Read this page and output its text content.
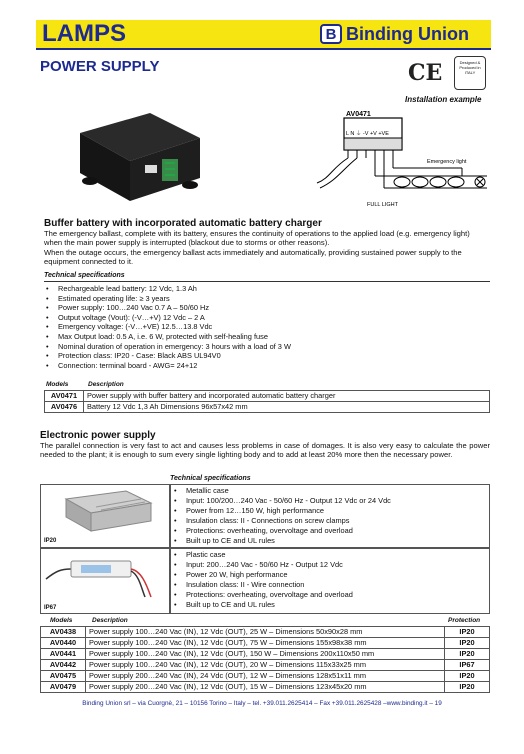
LAMPS	B Binding Union
POWER SUPPLY	CE	Designed & Produced in ITALY
Installation example
AV0471
L N ⏚ -V +V +VE
Emergency light
FULL LIGHT
Buffer battery with incorporated automatic battery charger
The emergency ballast, complete with its battery, ensures the continuity of operations to the applied load (e.g. emergency light) when the main power supply is interrupted (blackout due to storms or other reasons).
When the outage occurs, the emergency ballast acts immediately and automatically, providing sustained power supply to the equipment connected to it.
Technical specifications
• Rechargeable lead battery: 12 Vdc, 1.3 Ah
• Estimated operating life: ≥ 3 years
• Power supply: 100…240 Vac 0.7 A – 50/60 Hz
• Output voltage (Vout): (-V…+V) 12 Vdc – 2 A
• Emergency voltage: (-V…+VE) 12.5…13.8 Vdc
• Max Output load: 0.5 A, i.e. 6 W, protected with self-healing fuse
• Nominal duration of operation in emergency: 3 hours with a load of 3 W
• Protection class: IP20 - Case: Black ABS UL94V0
• Connection: terminal board - AWG= 24+12
Models	Description
AV0471	Power supply with buffer battery and incorporated automatic battery charger
AV0476	Battery 12 Vdc 1,3 Ah Dimensions 96x57x42 mm
Electronic power supply
The parallel connection is very fast to act and causes less problems in case of domages. It is also very easy to calculate the power needed to the plant; it is enough to sum every single lighting body and to add at least 20% more then the necessary power.
Technical specifications
IP20
• Metallic case
• Input: 100/200…240 Vac - 50/60 Hz - Output 12 Vdc or 24 Vdc
• Power from 12…150 W, high performance
• Insulation class: II - Connections on screw clamps
• Protections: overheating, overvoltage and overload
• Built up to CE and UL rules
IP67
• Plastic case
• Input: 200…240 Vac - 50/60 Hz - Output 12 Vdc
• Power 20 W, high performance
• Insulation class: II - Wire connection
• Protections: overheating, overvoltage and overload
• Built up to CE and UL rules
Models	Description	Protection
AV0438	Power supply 100…240 Vac (IN), 12 Vdc (OUT), 25 W – Dimensions 50x90x28 mm	IP20
AV0440	Power supply 100…240 Vac (IN), 12 Vdc (OUT), 75 W – Dimensions 155x98x38 mm	IP20
AV0441	Power supply 100…240 Vac (IN), 12 Vdc (OUT), 150 W – Dimensions 200x110x50 mm	IP20
AV0442	Power supply 100…240 Vac (IN), 12 Vdc (OUT), 20 W – Dimensions 115x33x25 mm	IP67
AV0475	Power supply 200…240 Vac (IN), 24 Vdc (OUT), 12 W – Dimensions 128x51x11 mm	IP20
AV0479	Power supply 200…240 Vac (IN), 12 Vdc (OUT), 15 W – Dimensions 123x45x20 mm	IP20
Binding Union srl – via Cuorgnè, 21 – 10156 Torino – Italy – tel. +39.011.2625414 – Fax +39.011.2625428 –www.binding.it – 19
